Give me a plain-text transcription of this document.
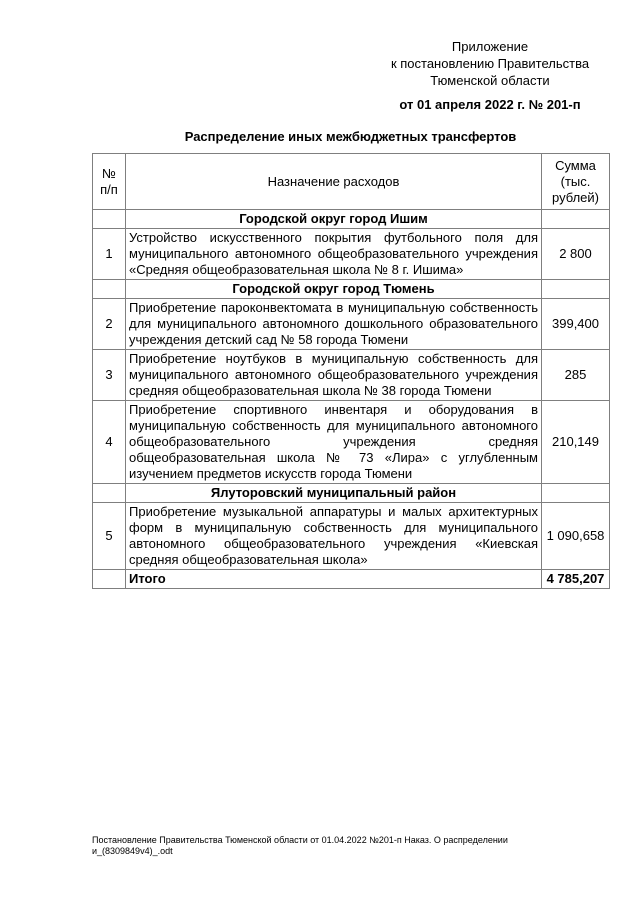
Приложение
к постановлению Правительства
Тюменской области
от 01 апреля 2022 г. № 201-п
Распределение иных межбюджетных трансфертов
№ п/п	Назначение расходов	Сумма (тыс. рублей)
	Городской округ город Ишим	
1	Устройство искусственного покрытия футбольного поля для муниципального автономного общеобразовательного учреждения «Средняя общеобразовательная школа № 8 г. Ишима»	2 800
	Городской округ город Тюмень	
2	Приобретение пароконвектомата в муниципальную собственность для муниципального автономного дошкольного образовательного учреждения детский сад № 58 города Тюмени	399,400
3	Приобретение ноутбуков в муниципальную собственность для муниципального автономного общеобразовательного учреждения средняя общеобразовательная школа № 38 города Тюмени	285
4	Приобретение спортивного инвентаря и оборудования в муниципальную собственность для муниципального автономного общеобразовательного учреждения средняя общеобразовательная школа № 73 «Лира» с углубленным изучением предметов искусств города Тюмени	210,149
	Ялуторовский муниципальный район	
5	Приобретение музыкальной аппаратуры и малых архитектурных форм в муниципальную собственность для муниципального автономного общеобразовательного учреждения «Киевская средняя общеобразовательная школа»	1 090,658
	Итого	4 785,207
Постановление Правительства Тюменской области от 01.04.2022 №201-п Наказ. О распределении и_(8309849v4)_.odt
